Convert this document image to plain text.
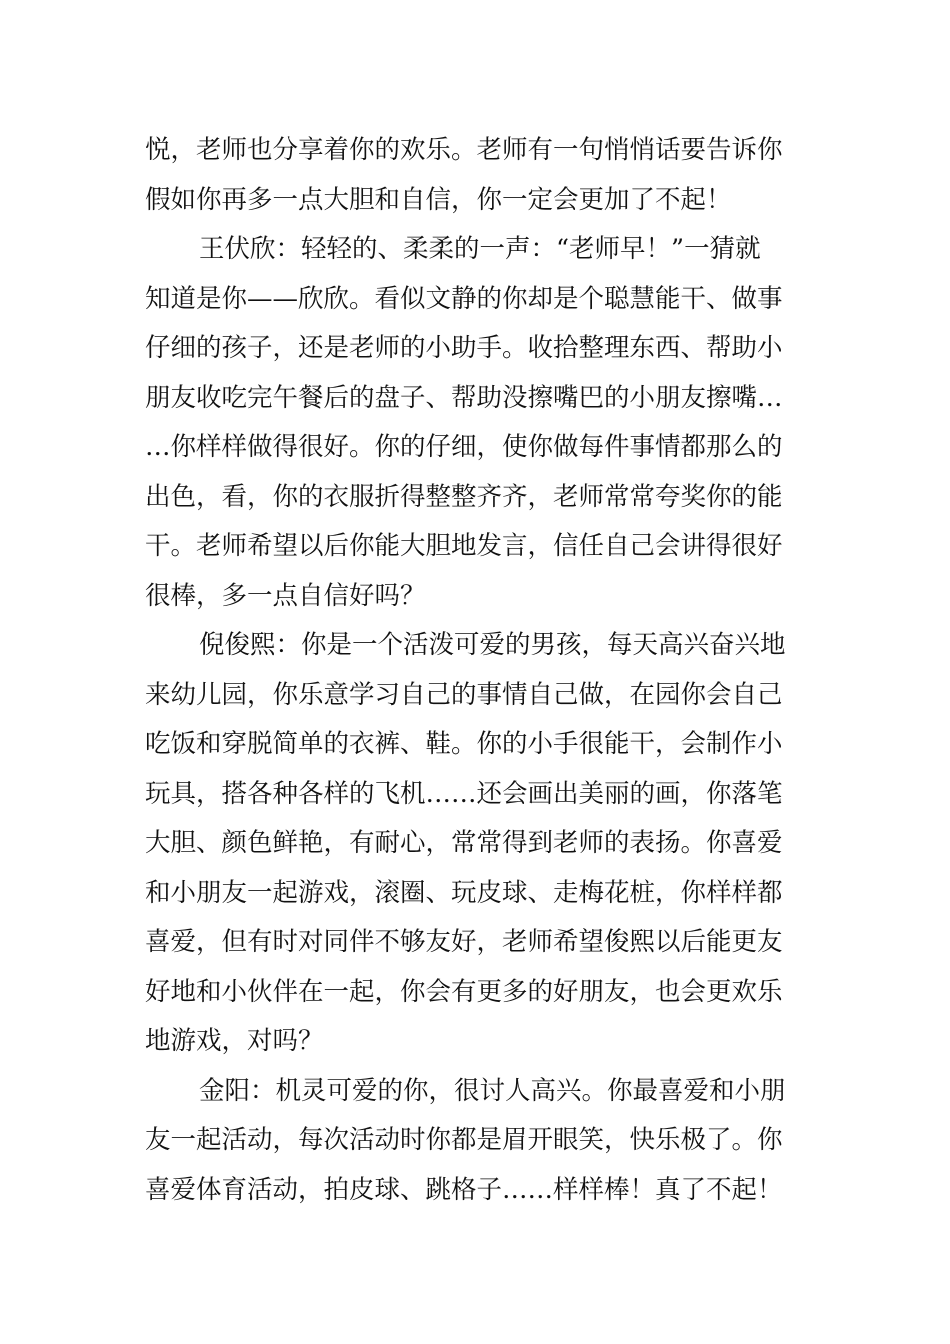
悦，老师也分享着你的欢乐。老师有一句悄悄话要告诉你
假如你再多一点大胆和自信，你一定会更加了不起！
王伏欣：轻轻的、柔柔的一声：“老师早！”一猜就
知道是你——欣欣。看似文静的你却是个聪慧能干、做事
仔细的孩子，还是老师的小助手。收拾整理东西、帮助小
朋友收吃完午餐后的盘子、帮助没擦嘴巴的小朋友擦嘴…
…你样样做得很好。你的仔细，使你做每件事情都那么的
出色，看，你的衣服折得整整齐齐，老师常常夸奖你的能
干。老师希望以后你能大胆地发言，信任自己会讲得很好
很棒，多一点自信好吗？
倪俊熙：你是一个活泼可爱的男孩，每天高兴奋兴地
来幼儿园，你乐意学习自己的事情自己做，在园你会自己
吃饭和穿脱简单的衣裤、鞋。你的小手很能干，会制作小
玩具，搭各种各样的飞机……还会画出美丽的画，你落笔
大胆、颜色鲜艳，有耐心，常常得到老师的表扬。你喜爱
和小朋友一起游戏，滚圈、玩皮球、走梅花桩，你样样都
喜爱，但有时对同伴不够友好，老师希望俊熙以后能更友
好地和小伙伴在一起，你会有更多的好朋友，也会更欢乐
地游戏，对吗？
金阳：机灵可爱的你，很讨人高兴。你最喜爱和小朋
友一起活动，每次活动时你都是眉开眼笑，快乐极了。你
喜爱体育活动，拍皮球、跳格子……样样棒！真了不起！
